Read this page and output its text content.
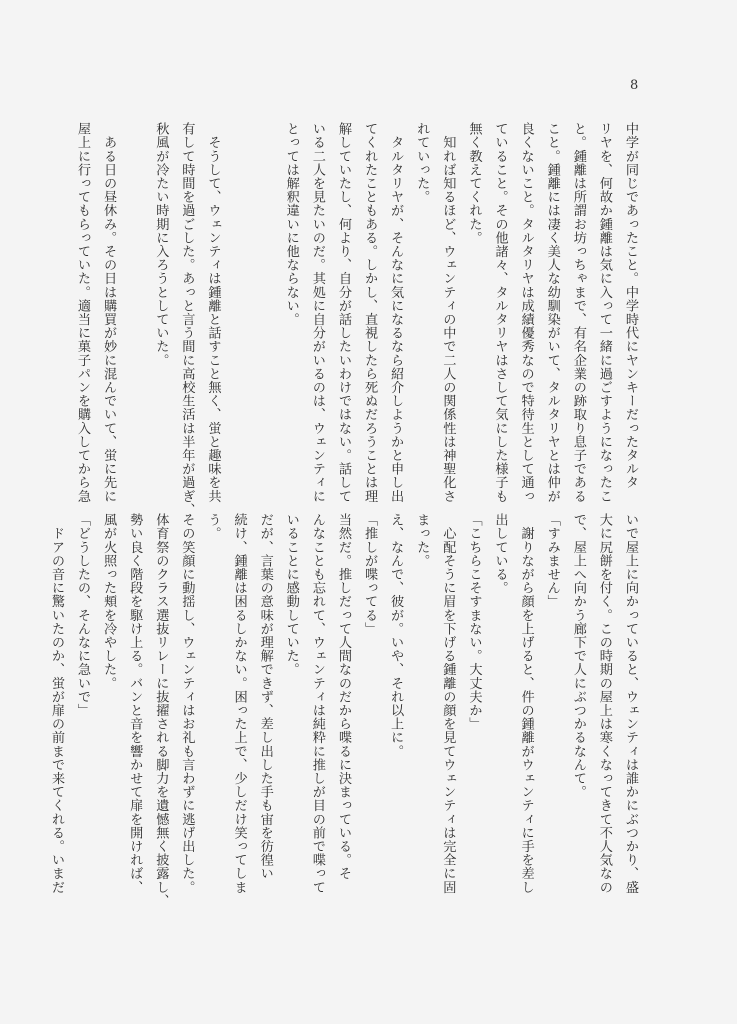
8
中学が同じであったこと。中学時代にヤンキーだったタルタ
リヤを、何故か鍾離は気に入って一緒に過ごすようになったこ
と。鍾離は所謂お坊っちゃまで、有名企業の跡取り息子である
こと。鍾離には凄く美人な幼馴染がいて、タルタリヤとは仲が
良くないこと。タルタリヤは成績優秀なので特待生として通っ
ていること。その他諸々、タルタリヤはさして気にした様子も
無く教えてくれた。
　知れば知るほど、ウェンティの中で二人の関係性は神聖化さ
れていった。
　タルタリヤが、そんなに気になるなら紹介しようかと申し出
てくれたこともある。しかし、直視したら死ぬだろうことは理
解していたし、何より、自分が話したいわけではない。話して
いる二人を見たいのだ。其処に自分がいるのは、ウェンティに
とっては解釈違いに他ならない。
　そうして、ウェンティは鍾離と話すこと無く、蛍と趣味を共
有して時間を過ごした。あっと言う間に高校生活は半年が過ぎ、
秋風が冷たい時期に入ろうとしていた。
　ある日の昼休み。その日は購買が妙に混んでいて、蛍に先に
屋上に行ってもらっていた。適当に菓子パンを購入してから急
いで屋上に向かっていると、ウェンティは誰かにぶつかり、盛
大に尻餅を付く。この時期の屋上は寒くなってきて不人気なの
で、屋上へ向かう廊下で人にぶつかるなんて。
「すみません」
　謝りながら顔を上げると、件の鍾離がウェンティに手を差し
出している。
「こちらこそすまない。大丈夫か」
　心配そうに眉を下げる鍾離の顔を見てウェンティは完全に固
まった。
え、なんで、彼が。いや、それ以上に。
「推しが喋ってる」
当然だ。推しだって人間なのだから喋るに決まっている。そ
んなことも忘れて、ウェンティは純粋に推しが目の前で喋って
いることに感動していた。
だが、言葉の意味が理解できず、差し出した手も宙を彷徨い
続け、鍾離は困るしかない。困った上で、少しだけ笑ってしま
う。
その笑顔に動揺し、ウェンティはお礼も言わずに逃げ出した。
体育祭のクラス選抜リレーに抜擢される脚力を遺憾無く披露し、
勢い良く階段を駆け上る。バンと音を響かせて扉を開ければ、
風が火照った頬を冷やした。
「どうしたの、そんなに急いで」
　ドアの音に驚いたのか、蛍が扉の前まで来てくれる。いまだ
